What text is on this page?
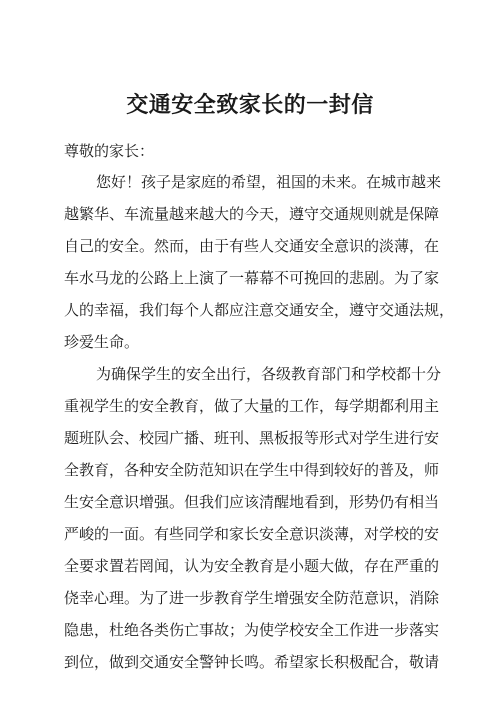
交通安全致家长的一封信
尊敬的家长：
您好！孩子是家庭的希望，祖国的未来。在城市越来
越繁华、车流量越来越大的今天，遵守交通规则就是保障
自己的安全。然而，由于有些人交通安全意识的淡薄，在
车水马龙的公路上上演了一幕幕不可挽回的悲剧。为了家
人的幸福，我们每个人都应注意交通安全，遵守交通法规，
珍爱生命。
为确保学生的安全出行，各级教育部门和学校都十分
重视学生的安全教育，做了大量的工作，每学期都利用主
题班队会、校园广播、班刊、黑板报等形式对学生进行安
全教育，各种安全防范知识在学生中得到较好的普及，师
生安全意识增强。但我们应该清醒地看到，形势仍有相当
严峻的一面。有些同学和家长安全意识淡薄，对学校的安
全要求置若罔闻，认为安全教育是小题大做，存在严重的
侥幸心理。为了进一步教育学生增强安全防范意识，消除
隐患，杜绝各类伤亡事故；为使学校安全工作进一步落实
到位，做到交通安全警钟长鸣。希望家长积极配合，敬请
